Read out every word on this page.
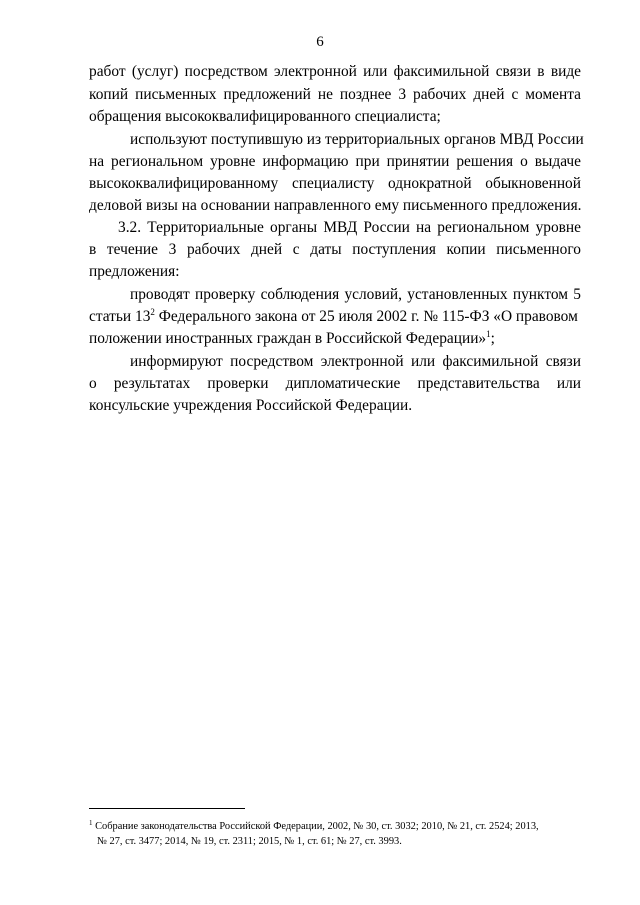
6
работ (услуг) посредством электронной или факсимильной связи в виде
копий письменных предложений не позднее 3 рабочих дней с момента
обращения высококвалифицированного специалиста;
используют поступившую из территориальных органов МВД России
на региональном уровне информацию при принятии решения о выдаче
высококвалифицированному специалисту однократной обыкновенной
деловой визы на основании направленного ему письменного предложения.
3.2. Территориальные органы МВД России на региональном уровне
в течение 3 рабочих дней с даты поступления копии письменного
предложения:
проводят проверку соблюдения условий, установленных пунктом 5
статьи $13^2$ Федерального закона от 25 июля 2002 г. № 115-ФЗ «О правовом
положении иностранных граждан в Российской Федерации»$^1$;
информируют посредством электронной или факсимильной связи
о результатах проверки дипломатические представительства или
консульские учреждения Российской Федерации.
$^1$ Собрание законодательства Российской Федерации, 2002, № 30, ст. 3032; 2010, № 21, ст. 2524; 2013,
№ 27, ст. 3477; 2014, № 19, ст. 2311; 2015, № 1, ст. 61; № 27, ст. 3993.
